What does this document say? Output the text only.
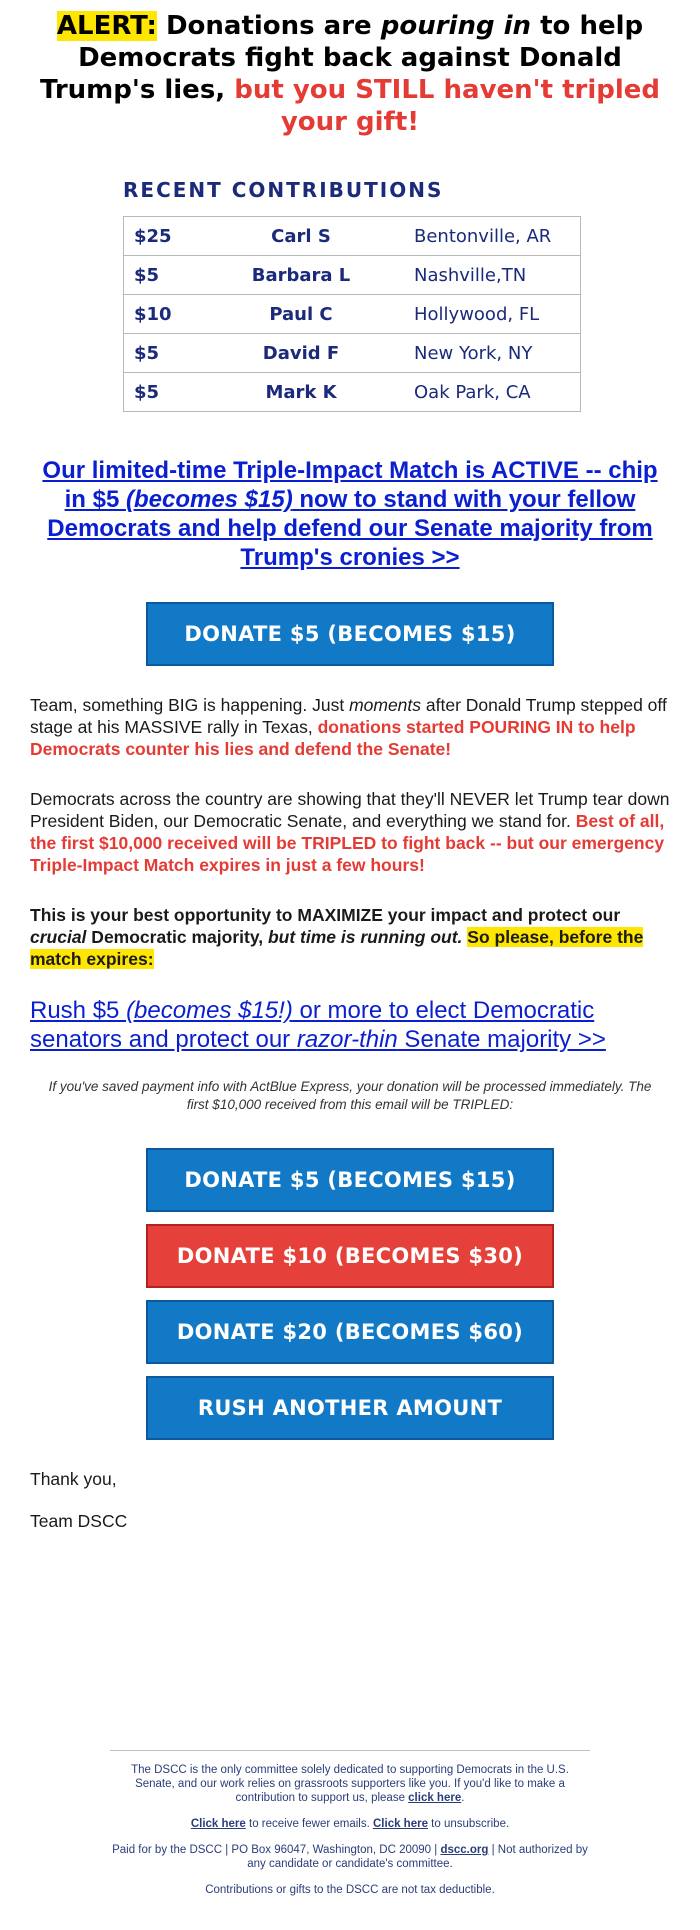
ALERT: Donations are pouring in to help Democrats fight back against Donald Trump's lies, but you STILL haven't tripled your gift!
RECENT CONTRIBUTIONS
$25	Carl S	Bentonville, AR
$5	Barbara L	Nashville,TN
$10	Paul C	Hollywood, FL
$5	David F	New York, NY
$5	Mark K	Oak Park, CA
Our limited-time Triple-Impact Match is ACTIVE -- chip in $5 (becomes $15) now to stand with your fellow Democrats and help defend our Senate majority from Trump's cronies >>
DONATE $5 (BECOMES $15)
Team, something BIG is happening. Just moments after Donald Trump stepped off stage at his MASSIVE rally in Texas, donations started POURING IN to help Democrats counter his lies and defend the Senate!
Democrats across the country are showing that they'll NEVER let Trump tear down President Biden, our Democratic Senate, and everything we stand for. Best of all, the first $10,000 received will be TRIPLED to fight back -- but our emergency Triple-Impact Match expires in just a few hours!
This is your best opportunity to MAXIMIZE your impact and protect our crucial Democratic majority, but time is running out. So please, before the match expires:
Rush $5 (becomes $15!) or more to elect Democratic senators and protect our razor-thin Senate majority >>
If you've saved payment info with ActBlue Express, your donation will be processed immediately. The first $10,000 received from this email will be TRIPLED:
DONATE $5 (BECOMES $15)
DONATE $10 (BECOMES $30)
DONATE $20 (BECOMES $60)
RUSH ANOTHER AMOUNT

Thank you,

Team DSCC

The DSCC is the only committee solely dedicated to supporting Democrats in the U.S. Senate, and our work relies on grassroots supporters like you. If you'd like to make a contribution to support us, please click here.

Click here to receive fewer emails. Click here to unsubscribe.

Paid for by the DSCC | PO Box 96047, Washington, DC 20090 | dscc.org | Not authorized by any candidate or candidate's committee.

Contributions or gifts to the DSCC are not tax deductible.
